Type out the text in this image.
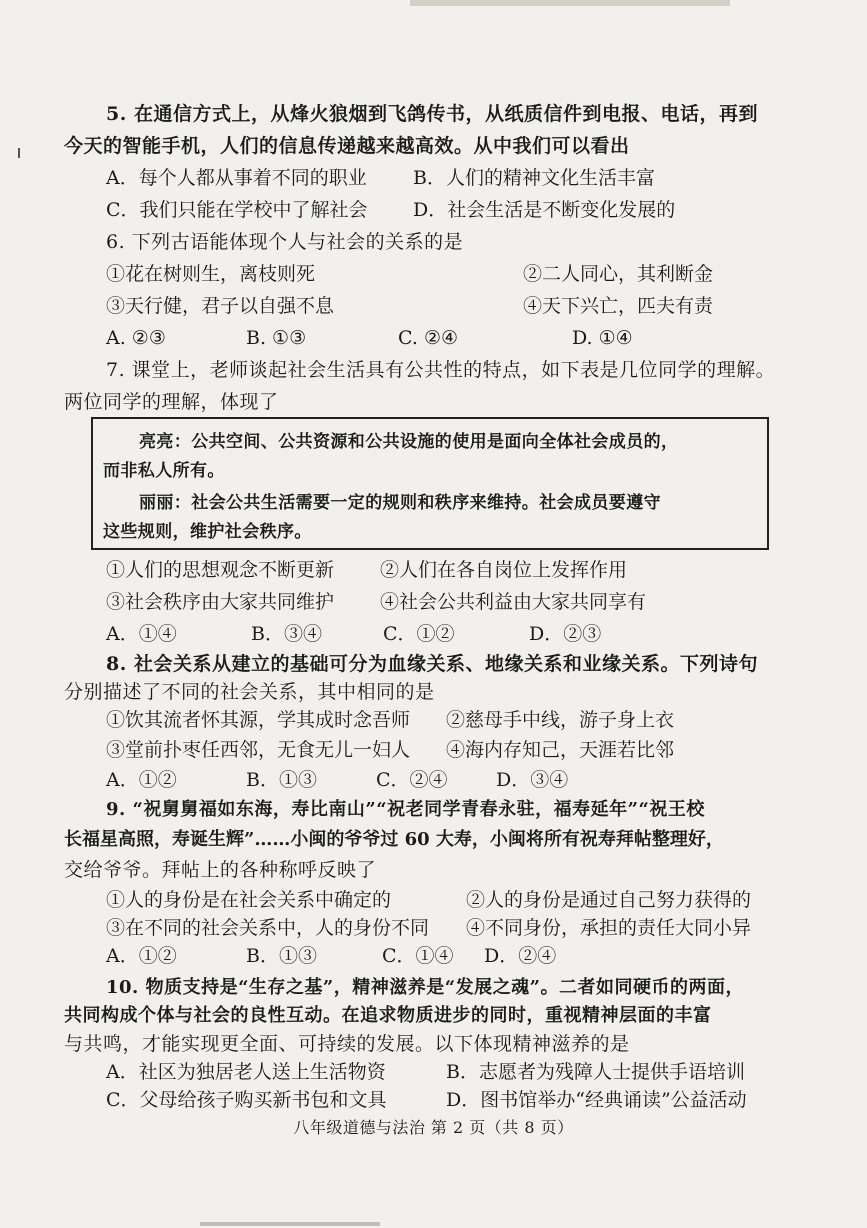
5. 在通信方式上，从烽火狼烟到飞鸽传书，从纸质信件到电报、电话，再到
今天的智能手机，人们的信息传递越来越高效。从中我们可以看出
A．每个人都从事着不同的职业 B．人们的精神文化生活丰富
C．我们只能在学校中了解社会 D．社会生活是不断变化发展的
6. 下列古语能体现个人与社会的关系的是
①花在树则生，离枝则死	②二人同心，其利断金
③天行健，君子以自强不息	④天下兴亡，匹夫有责
A. ②③	B. ①③	C. ②④	D. ①④
7. 课堂上，老师谈起社会生活具有公共性的特点，如下表是几位同学的理解。
两位同学的理解，体现了
亮亮：公共空间、公共资源和公共设施的使用是面向全体社会成员的，
而非私人所有。
丽丽：社会公共生活需要一定的规则和秩序来维持。社会成员要遵守
这些规则，维护社会秩序。
①人们的思想观念不断更新 ②人们在各自岗位上发挥作用
③社会秩序由大家共同维护 ④社会公共利益由大家共同享有
A．①④	B．③④	C．①②	D．②③
8. 社会关系从建立的基础可分为血缘关系、地缘关系和业缘关系。下列诗句
分别描述了不同的社会关系，其中相同的是
①饮其流者怀其源，学其成时念吾师 ②慈母手中线，游子身上衣
③堂前扑枣任西邻，无食无儿一妇人 ④海内存知己，天涯若比邻
A．①②	B．①③	C．②④	D．③④
9. “祝舅舅福如东海，寿比南山”“祝老同学青春永驻，福寿延年”“祝王校
长福星高照，寿诞生辉”……小闽的爷爷过 60 大寿，小闽将所有祝寿拜帖整理好，
交给爷爷。拜帖上的各种称呼反映了
①人的身份是在社会关系中确定的	②人的身份是通过自己努力获得的
③在不同的社会关系中，人的身份不同 ④不同身份，承担的责任大同小异
A．①②	B．①③	C．①④ D．②④
10. 物质支持是“生存之基”，精神滋养是“发展之魂”。二者如同硬币的两面，
共同构成个体与社会的良性互动。在追求物质进步的同时，重视精神层面的丰富
与共鸣，才能实现更全面、可持续的发展。以下体现精神滋养的是
A．社区为独居老人送上生活物资	B．志愿者为残障人士提供手语培训
C．父母给孩子购买新书包和文具	D．图书馆举办“经典诵读”公益活动
八年级道德与法治 第 2 页（共 8 页）
